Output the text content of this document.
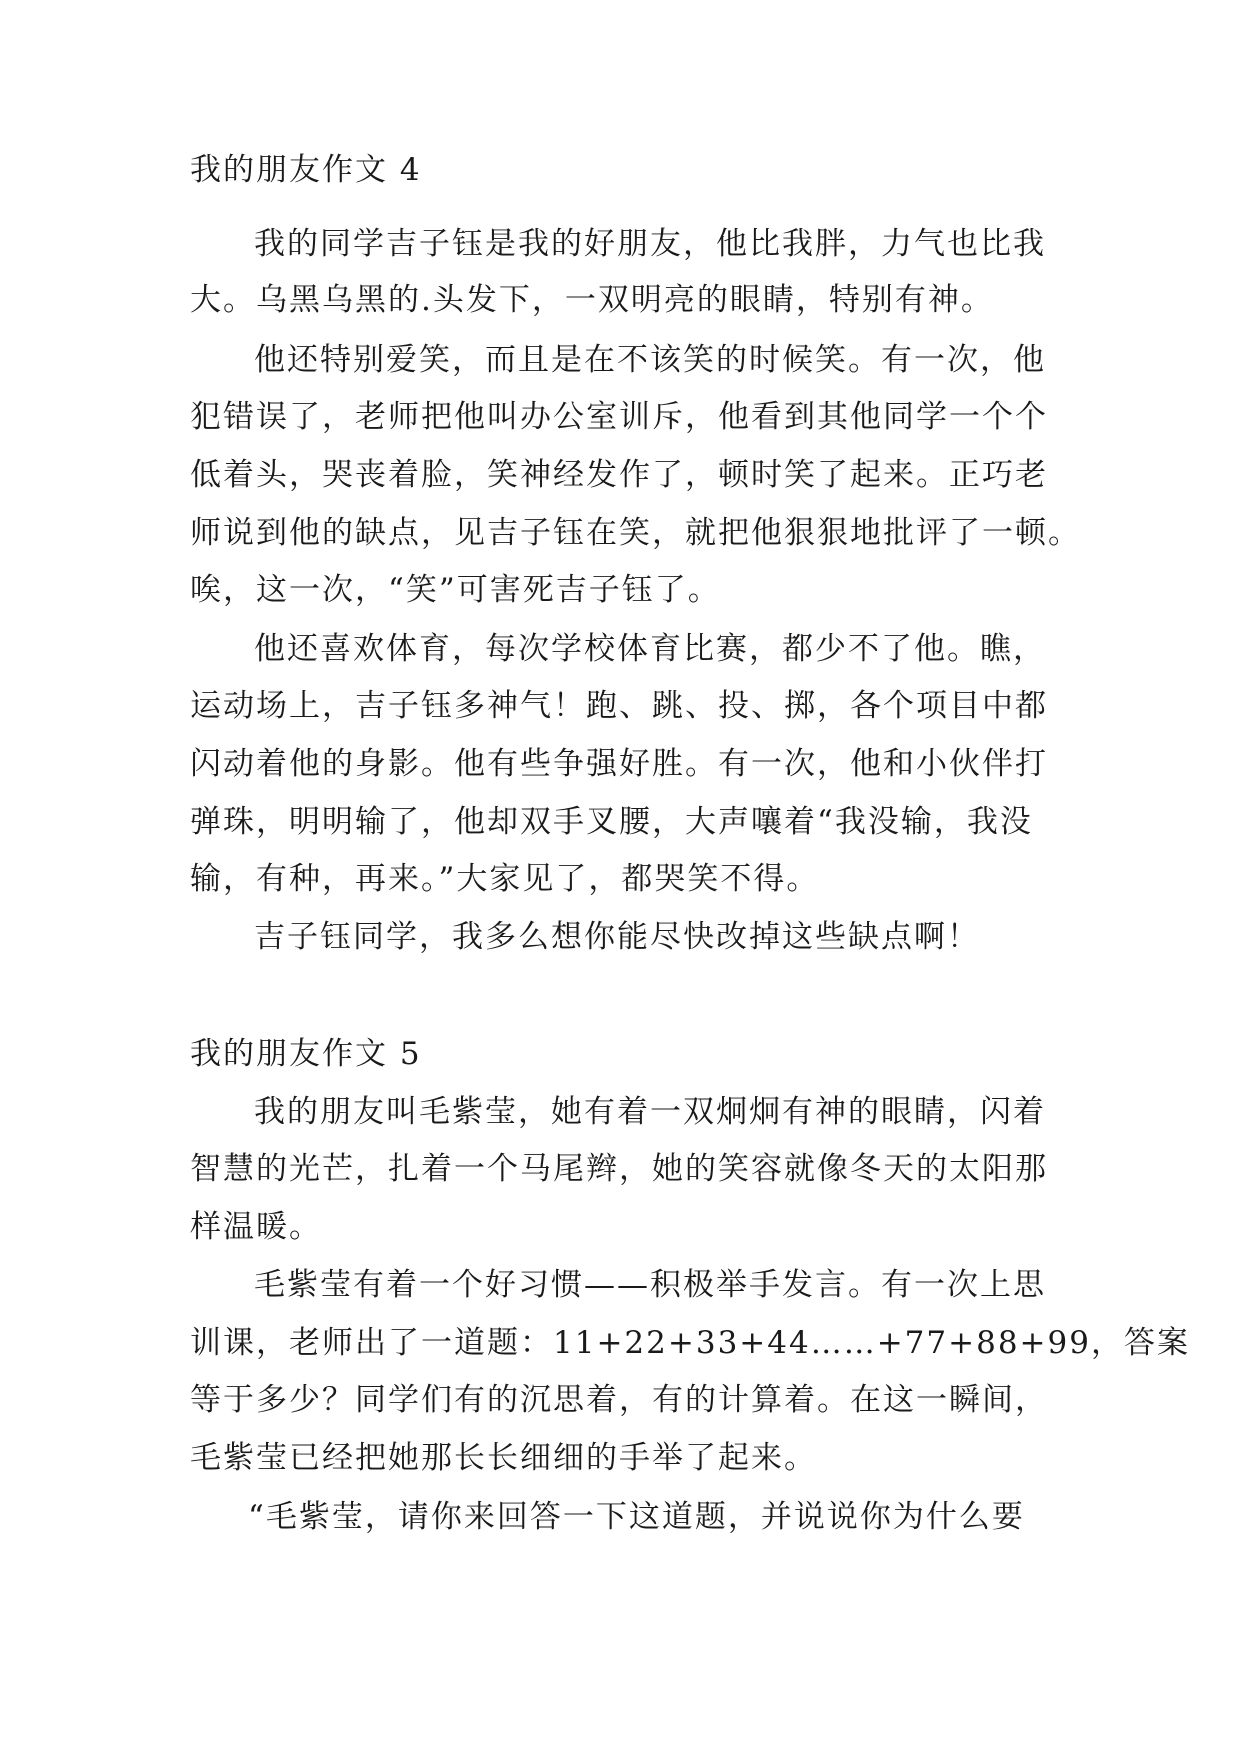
我的朋友作文 4
我的同学吉子钰是我的好朋友，他比我胖，力气也比我
大。乌黑乌黑的.头发下，一双明亮的眼睛，特别有神。
他还特别爱笑，而且是在不该笑的时候笑。有一次，他
犯错误了，老师把他叫办公室训斥，他看到其他同学一个个
低着头，哭丧着脸，笑神经发作了，顿时笑了起来。正巧老
师说到他的缺点，见吉子钰在笑，就把他狠狠地批评了一顿。
唉，这一次，“笑”可害死吉子钰了。
他还喜欢体育，每次学校体育比赛，都少不了他。瞧，
运动场上，吉子钰多神气！跑、跳、投、掷，各个项目中都
闪动着他的身影。他有些争强好胜。有一次，他和小伙伴打
弹珠，明明输了，他却双手叉腰，大声嚷着“我没输，我没
输，有种，再来。”大家见了，都哭笑不得。
吉子钰同学，我多么想你能尽快改掉这些缺点啊！
我的朋友作文 5
我的朋友叫毛紫莹，她有着一双炯炯有神的眼睛，闪着
智慧的光芒，扎着一个马尾辫，她的笑容就像冬天的太阳那
样温暖。
毛紫莹有着一个好习惯——积极举手发言。有一次上思
训课，老师出了一道题：11+22+33+44……+77+88+99，答案
等于多少？同学们有的沉思着，有的计算着。在这一瞬间，
毛紫莹已经把她那长长细细的手举了起来。
“毛紫莹，请你来回答一下这道题，并说说你为什么要
